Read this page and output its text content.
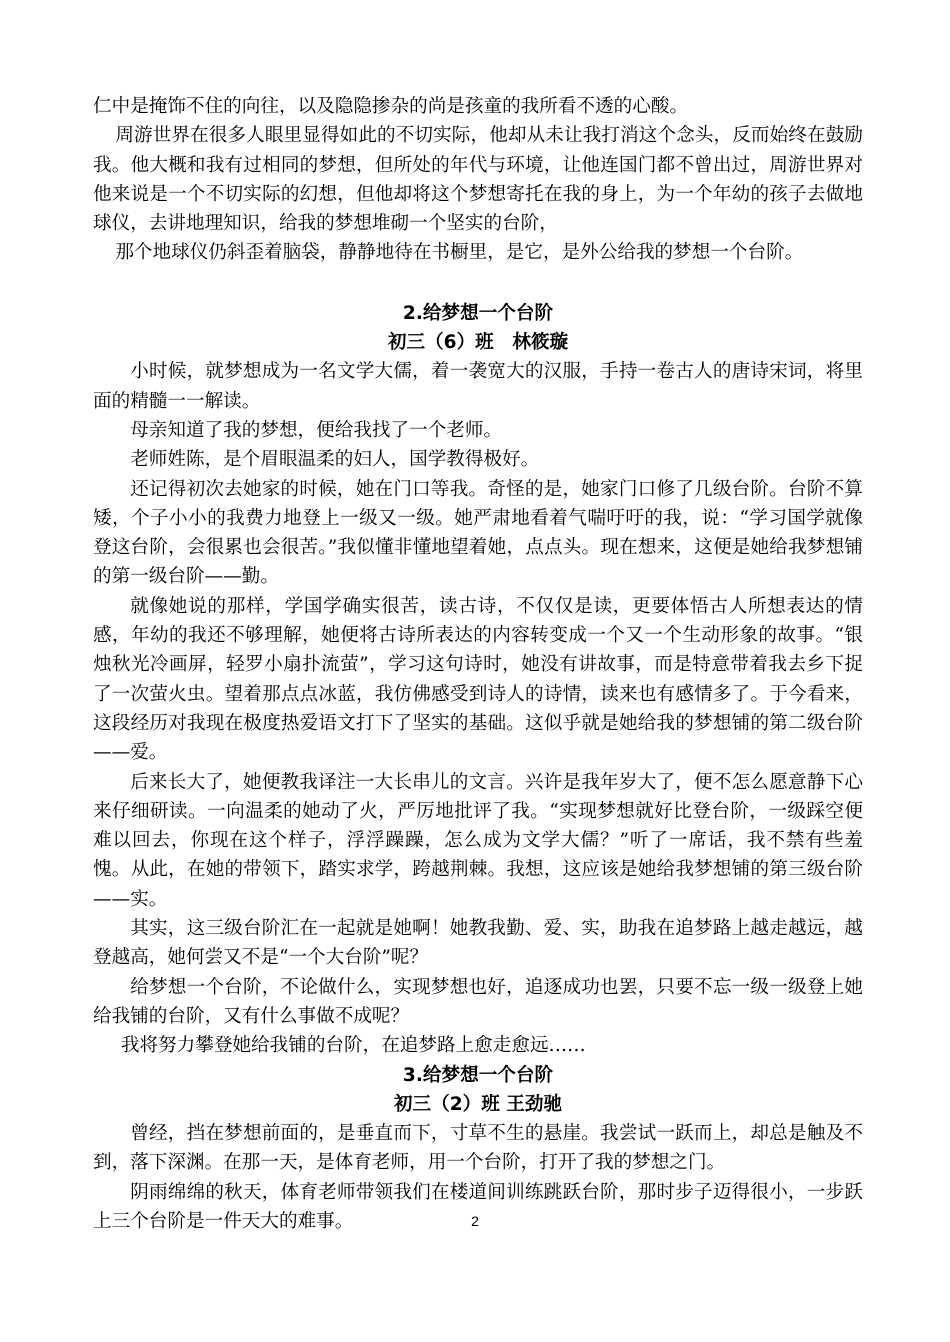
仁中是掩饰不住的向往，以及隐隐掺杂的尚是孩童的我所看不透的心酸。

周游世界在很多人眼里显得如此的不切实际，他却从未让我打消这个念头，反而始终在鼓励我。他大概和我有过相同的梦想，但所处的年代与环境，让他连国门都不曾出过，周游世界对他来说是一个不切实际的幻想，但他却将这个梦想寄托在我的身上，为一个年幼的孩子去做地球仪，去讲地理知识，给我的梦想堆砌一个坚实的台阶，

那个地球仪仍斜歪着脑袋，静静地待在书橱里，是它，是外公给我的梦想一个台阶。

2.给梦想一个台阶

初三（6）班　林筱璇

小时候，就梦想成为一名文学大儒，着一袭宽大的汉服，手持一卷古人的唐诗宋词，将里面的精髓一一解读。

母亲知道了我的梦想，便给我找了一个老师。

老师姓陈，是个眉眼温柔的妇人，国学教得极好。

还记得初次去她家的时候，她在门口等我。奇怪的是，她家门口修了几级台阶。台阶不算矮，个子小小的我费力地登上一级又一级。她严肃地看着气喘吁吁的我，说：“学习国学就像登这台阶，会很累也会很苦。”我似懂非懂地望着她，点点头。现在想来，这便是她给我梦想铺的第一级台阶——勤。

就像她说的那样，学国学确实很苦，读古诗，不仅仅是读，更要体悟古人所想表达的情感，年幼的我还不够理解，她便将古诗所表达的内容转变成一个又一个生动形象的故事。“银烛秋光冷画屏，轻罗小扇扑流萤”，学习这句诗时，她没有讲故事，而是特意带着我去乡下捉了一次萤火虫。望着那点点冰蓝，我仿佛感受到诗人的诗情，读来也有感情多了。于今看来，这段经历对我现在极度热爱语文打下了坚实的基础。这似乎就是她给我的梦想铺的第二级台阶——爱。

后来长大了，她便教我译注一大长串儿的文言。兴许是我年岁大了，便不怎么愿意静下心来仔细研读。一向温柔的她动了火，严厉地批评了我。“实现梦想就好比登台阶，一级踩空便难以回去，你现在这个样子，浮浮躁躁，怎么成为文学大儒？”听了一席话，我不禁有些羞愧。从此，在她的带领下，踏实求学，跨越荆棘。我想，这应该是她给我梦想铺的第三级台阶——实。

其实，这三级台阶汇在一起就是她啊！她教我勤、爱、实，助我在追梦路上越走越远，越登越高，她何尝又不是“一个大台阶”呢？

给梦想一个台阶，不论做什么，实现梦想也好，追逐成功也罢，只要不忘一级一级登上她给我铺的台阶，又有什么事做不成呢？

我将努力攀登她给我铺的台阶，在追梦路上愈走愈远……

3.给梦想一个台阶

初三（2）班 王劲驰

曾经，挡在梦想前面的，是垂直而下，寸草不生的悬崖。我尝试一跃而上，却总是触及不到，落下深渊。在那一天，是体育老师，用一个台阶，打开了我的梦想之门。

阴雨绵绵的秋天，体育老师带领我们在楼道间训练跳跃台阶，那时步子迈得很小，一步跃上三个台阶是一件天大的难事。	2
